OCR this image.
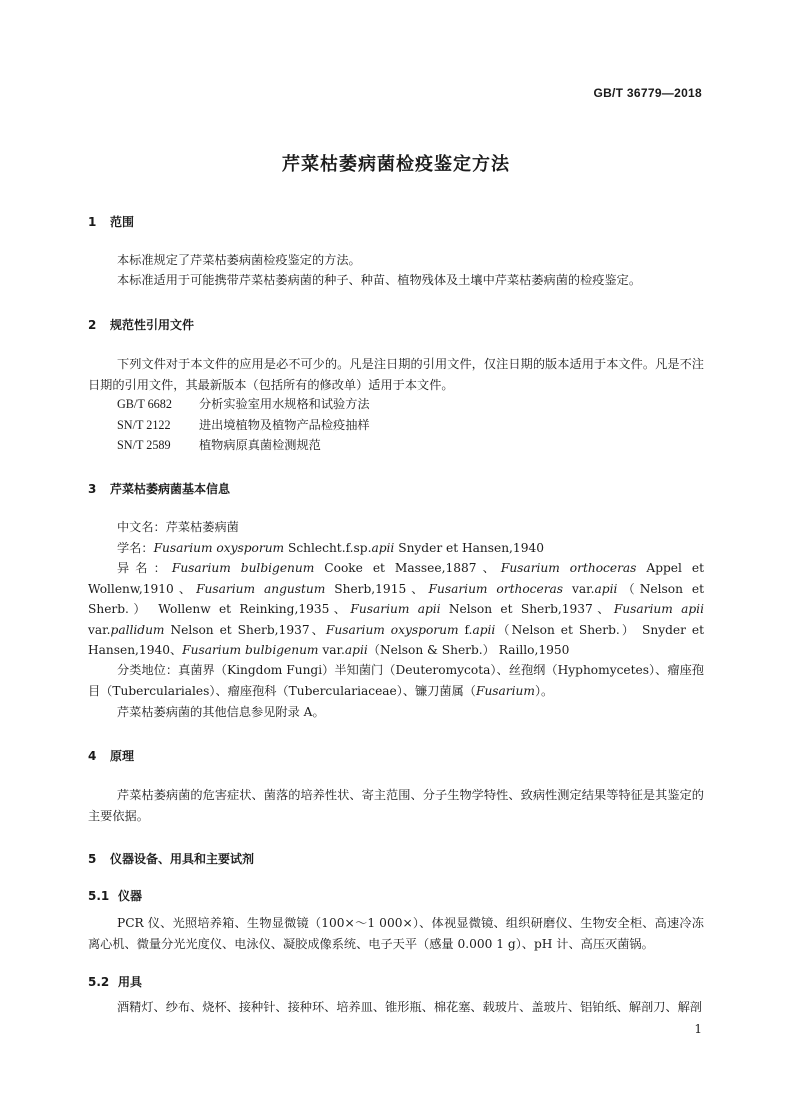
GB/T 36779—2018
芹菜枯萎病菌检疫鉴定方法
1 范围
本标准规定了芹菜枯萎病菌检疫鉴定的方法。
本标准适用于可能携带芹菜枯萎病菌的种子、种苗、植物残体及土壤中芹菜枯萎病菌的检疫鉴定。
2 规范性引用文件
下列文件对于本文件的应用是必不可少的。凡是注日期的引用文件，仅注日期的版本适用于本文件。凡是不注日期的引用文件，其最新版本（包括所有的修改单）适用于本文件。
GB/T 6682 分析实验室用水规格和试验方法
SN/T 2122 进出境植物及植物产品检疫抽样
SN/T 2589 植物病原真菌检测规范
3 芹菜枯萎病菌基本信息
中文名：芹菜枯萎病菌
学名：Fusarium oxysporum Schlecht.f.sp.apii Snyder et Hansen,1940
异名：Fusarium bulbigenum Cooke et Massee,1887、Fusarium orthoceras Appel et Wollenw,1910、Fusarium angustum Sherb,1915、Fusarium orthoceras var.apii（Nelson et Sherb.） Wollenw et Reinking,1935、Fusarium apii Nelson et Sherb,1937、Fusarium apii var.pallidum Nelson et Sherb,1937、Fusarium oxysporum f.apii（Nelson et Sherb.） Snyder et Hansen,1940、Fusarium bulbigenum var.apii（Nelson & Sherb.） Raillo,1950
分类地位：真菌界（Kingdom Fungi）半知菌门（Deuteromycota）、丝孢纲（Hyphomycetes）、瘤座孢目（Tuberculariales）、瘤座孢科（Tuberculariaceae）、镰刀菌属（Fusarium）。
芹菜枯萎病菌的其他信息参见附录 A。
4 原理
芹菜枯萎病菌的危害症状、菌落的培养性状、寄主范围、分子生物学特性、致病性测定结果等特征是其鉴定的主要依据。
5 仪器设备、用具和主要试剂
5.1 仪器
PCR 仪、光照培养箱、生物显微镜（100×～1 000×）、体视显微镜、组织研磨仪、生物安全柜、高速冷冻离心机、微量分光光度仪、电泳仪、凝胶成像系统、电子天平（感量 0.000 1 g）、pH 计、高压灭菌锅。
5.2 用具
酒精灯、纱布、烧杯、接种针、接种环、培养皿、锥形瓶、棉花塞、载玻片、盖玻片、铝铂纸、解剖刀、解剖
1
